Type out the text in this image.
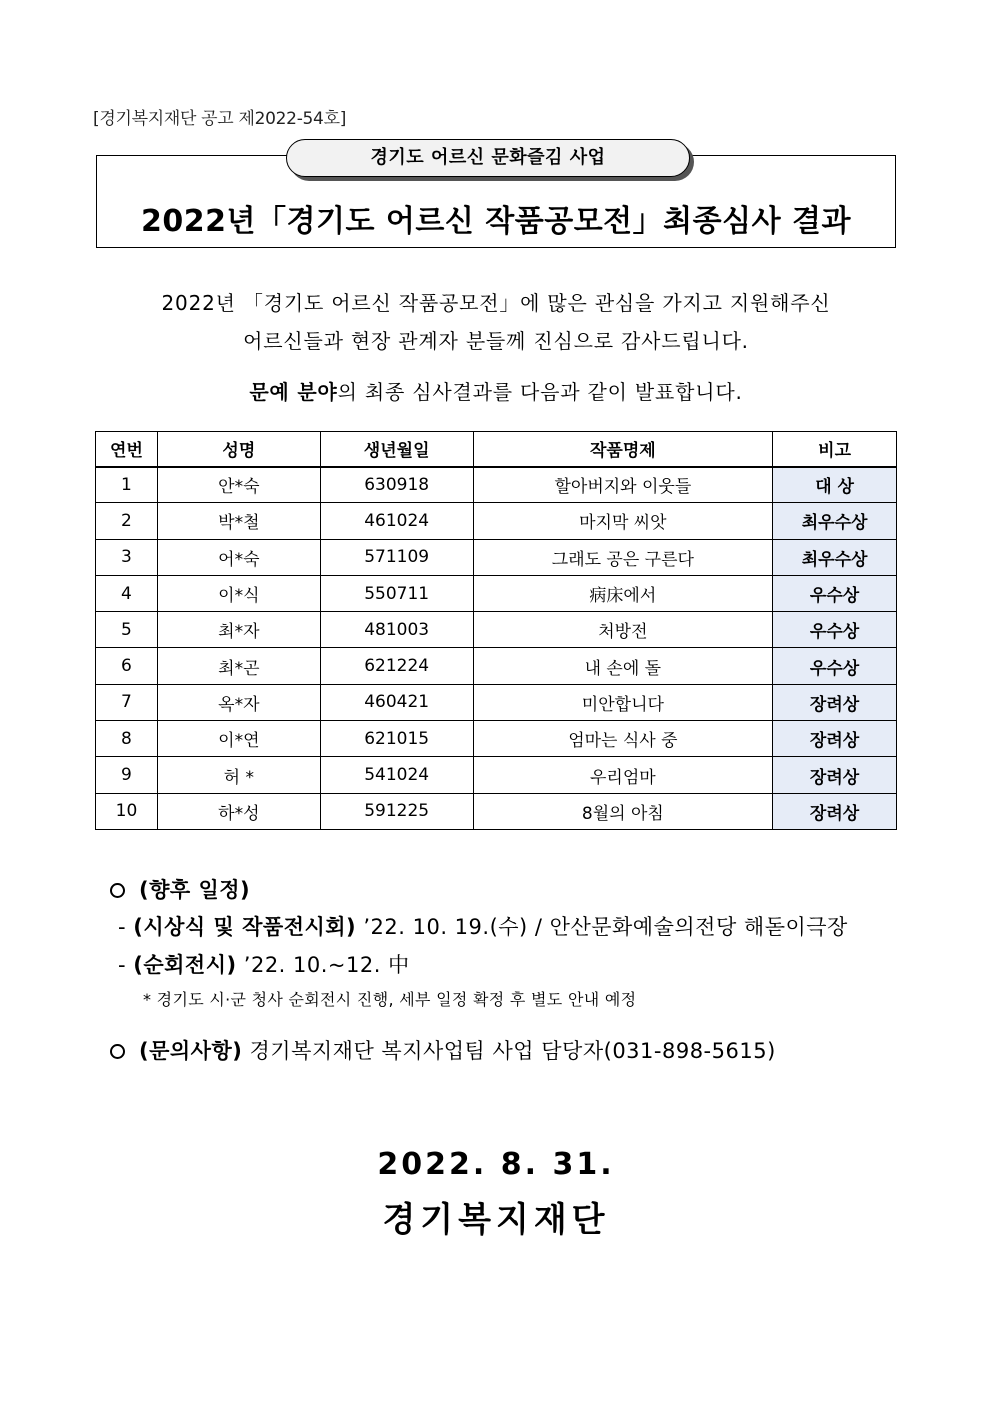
[경기복지재단 공고 제2022-54호]
경기도 어르신 문화즐김 사업
2022년「경기도 어르신 작품공모전」최종심사 결과
2022년 「경기도 어르신 작품공모전」에 많은 관심을 가지고 지원해주신
어르신들과 현장 관계자 분들께 진심으로 감사드립니다.
문예 분야의 최종 심사결과를 다음과 같이 발표합니다.
연번	성명	생년월일	작품명제	비고
1	안*숙	630918	할아버지와 이웃들	대 상
2	박*철	461024	마지막 씨앗	최우수상
3	어*숙	571109	그래도 공은 구른다	최우수상
4	이*식	550711	病床에서	우수상
5	최*자	481003	처방전	우수상
6	최*곤	621224	내 손에 돌	우수상
7	옥*자	460421	미안합니다	장려상
8	이*연	621015	엄마는 식사 중	장려상
9	허 *	541024	우리엄마	장려상
10	하*성	591225	8월의 아침	장려상
(향후 일정)
- (시상식 및 작품전시회) ’22. 10. 19.(수) / 안산문화예술의전당 해돋이극장
- (순회전시) ’22. 10.~12. 中
* 경기도 시·군 청사 순회전시 진행, 세부 일정 확정 후 별도 안내 예정
(문의사항) 경기복지재단 복지사업팀 사업 담당자(031-898-5615)
2022. 8. 31.
경기복지재단
